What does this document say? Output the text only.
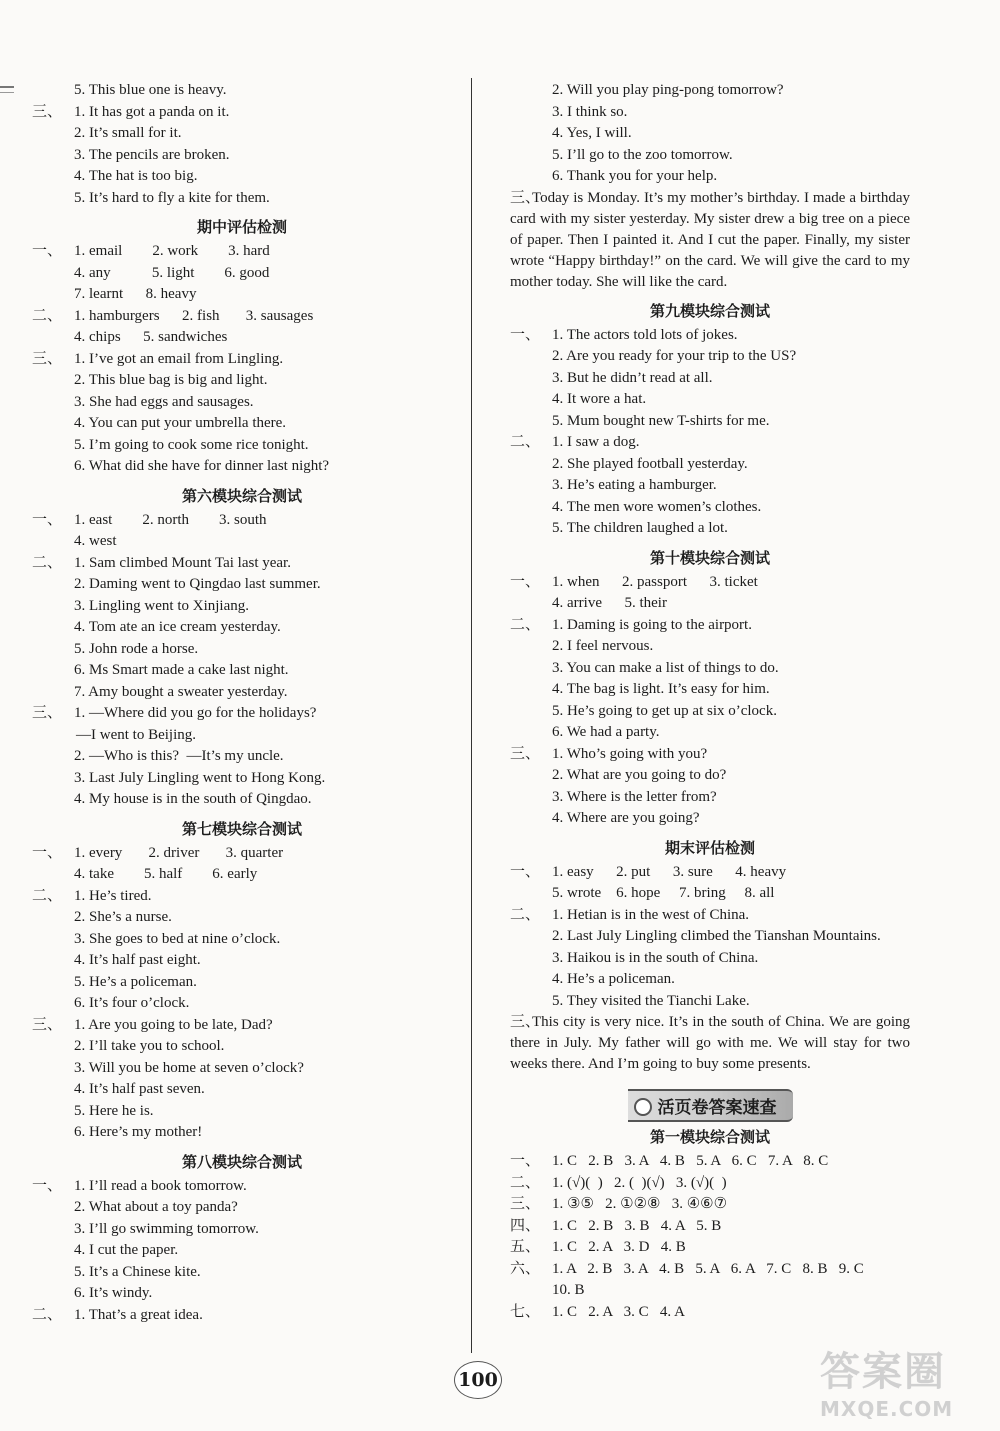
5. This blue one is heavy.
三、 1. It has got a panda on it.
2. It’s small for it.
3. The pencils are broken.
4. The hat is too big.
5. It’s hard to fly a kite for them.
期中评估检测
一、 1. email        2. work        3. hard
4. any           5. light        6. good
7. learnt      8. heavy
二、 1. hamburgers      2. fish       3. sausages
4. chips      5. sandwiches
三、 1. I’ve got an email from Lingling.
2. This blue bag is big and light.
3. She had eggs and sausages.
4. You can put your umbrella there.
5. I’m going to cook some rice tonight.
6. What did she have for dinner last night?
第六模块综合测试
一、 1. east        2. north        3. south
4. west
二、 1. Sam climbed Mount Tai last year.
2. Daming went to Qingdao last summer.
3. Lingling went to Xinjiang.
4. Tom ate an ice cream yesterday.
5. John rode a horse.
6. Ms Smart made a cake last night.
7. Amy bought a sweater yesterday.
三、 1. —Where did you go for the holidays?
—I went to Beijing.
2. —Who is this?  —It’s my uncle.
3. Last July Lingling went to Hong Kong.
4. My house is in the south of Qingdao.
第七模块综合测试
一、 1. every       2. driver       3. quarter
4. take        5. half        6. early
二、 1. He’s tired.
2. She’s a nurse.
3. She goes to bed at nine o’clock.
4. It’s half past eight.
5. He’s a policeman.
6. It’s four o’clock.
三、 1. Are you going to be late, Dad?
2. I’ll take you to school.
3. Will you be home at seven o’clock?
4. It’s half past seven.
5. Here he is.
6. Here’s my mother!
第八模块综合测试
一、 1. I’ll read a book tomorrow.
2. What about a toy panda?
3. I’ll go swimming tomorrow.
4. I cut the paper.
5. It’s a Chinese kite.
6. It’s windy.
二、 1. That’s a great idea.
2. Will you play ping-pong tomorrow?
3. I think so.
4. Yes, I will.
5. I’ll go to the zoo tomorrow.
6. Thank you for your help.
三、Today is Monday. It’s my mother’s birthday. I made a birthday card with my sister yesterday. My sister drew a big tree on a piece of paper. Then I painted it. And I cut the paper. Finally, my sister wrote “Happy birthday!” on the card. We will give the card to my mother today. She will like the card.
第九模块综合测试
一、 1. The actors told lots of jokes.
2. Are you ready for your trip to the US?
3. But he didn’t read at all.
4. It wore a hat.
5. Mum bought new T-shirts for me.
二、 1. I saw a dog.
2. She played football yesterday.
3. He’s eating a hamburger.
4. The men wore women’s clothes.
5. The children laughed a lot.
第十模块综合测试
一、 1. when      2. passport      3. ticket
4. arrive      5. their
二、 1. Daming is going to the airport.
2. I feel nervous.
3. You can make a list of things to do.
4. The bag is light. It’s easy for him.
5. He’s going to get up at six o’clock.
6. We had a party.
三、 1. Who’s going with you?
2. What are you going to do?
3. Where is the letter from?
4. Where are you going?
期末评估检测
一、 1. easy      2. put      3. sure      4. heavy
5. wrote    6. hope     7. bring     8. all
二、 1. Hetian is in the west of China.
2. Last July Lingling climbed the Tianshan Mountains.
3. Haikou is in the south of China.
4. He’s a policeman.
5. They visited the Tianchi Lake.
三、This city is very nice. It’s in the south of China. We are going there in July. My father will go with me. We will stay for two weeks there. And I’m going to buy some presents.
活页卷答案速查
第一模块综合测试
一、 1. C   2. B   3. A   4. B   5. A   6. C   7. A   8. C
二、 1. (√)(  )   2. (  )(√)   3. (√)(  )
三、 1. ③⑤   2. ①②⑧   3. ④⑥⑦
四、 1. C   2. B   3. B   4. A   5. B
五、 1. C   2. A   3. D   4. B
六、 1. A   2. B   3. A   4. B   5. A   6. A   7. C   8. B   9. C
10. B
七、 1. C   2. A   3. C   4. A
100	答案圈
MXQE.COM
